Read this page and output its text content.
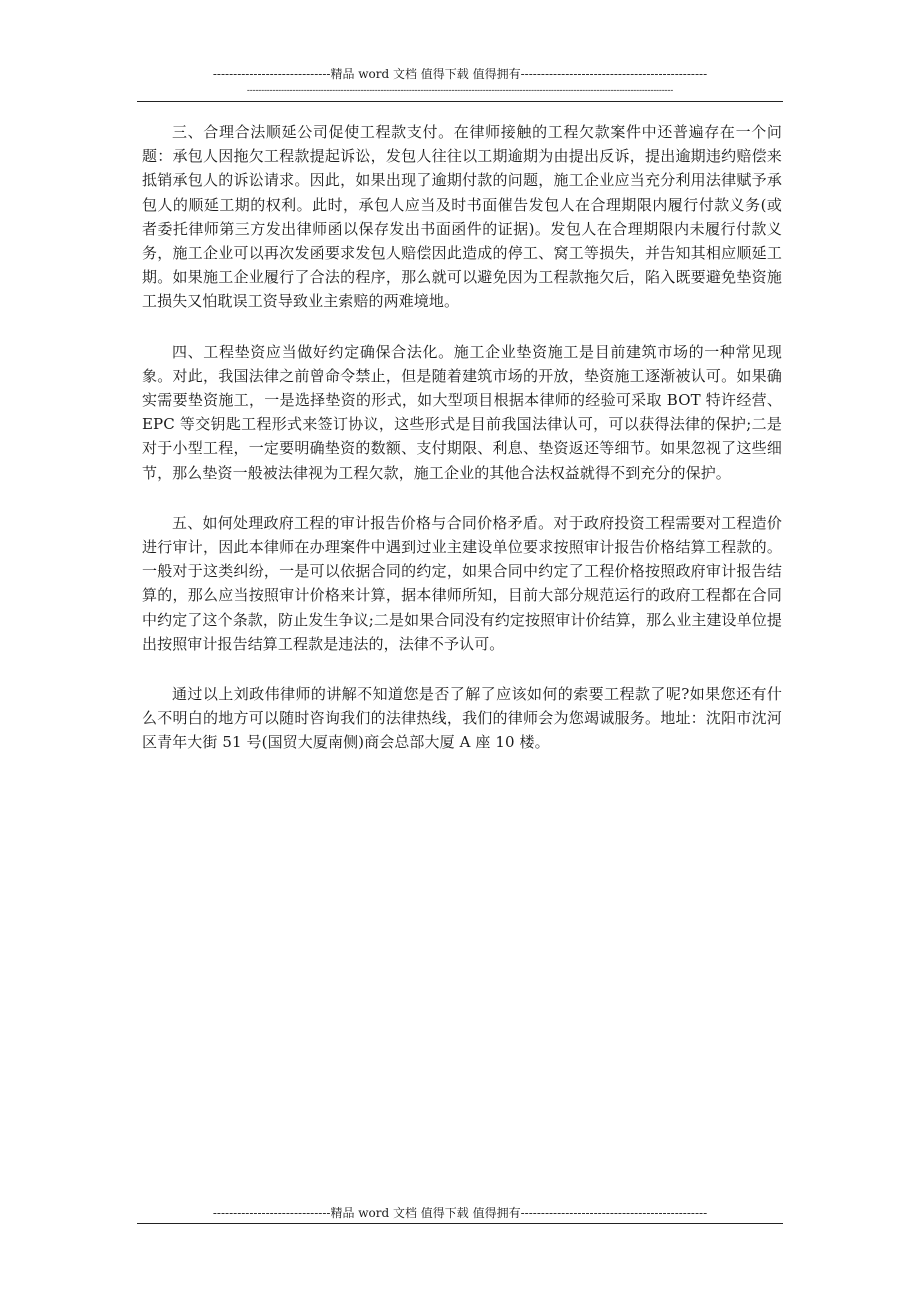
-----------------------------精品 word 文档 值得下载 值得拥有----------------------------------------------
------------------------------------------------------------------------------------------------------------------------------------------------------

三、合理合法顺延公司促使工程款支付。在律师接触的工程欠款案件中还普遍存在一个问题：承包人因拖欠工程款提起诉讼，发包人往往以工期逾期为由提出反诉，提出逾期违约赔偿来抵销承包人的诉讼请求。因此，如果出现了逾期付款的问题，施工企业应当充分利用法律赋予承包人的顺延工期的权利。此时，承包人应当及时书面催告发包人在合理期限内履行付款义务(或者委托律师第三方发出律师函以保存发出书面函件的证据)。发包人在合理期限内未履行付款义务，施工企业可以再次发函要求发包人赔偿因此造成的停工、窝工等损失，并告知其相应顺延工期。如果施工企业履行了合法的程序，那么就可以避免因为工程款拖欠后，陷入既要避免垫资施工损失又怕耽误工资导致业主索赔的两难境地。

四、工程垫资应当做好约定确保合法化。施工企业垫资施工是目前建筑市场的一种常见现象。对此，我国法律之前曾命令禁止，但是随着建筑市场的开放，垫资施工逐渐被认可。如果确实需要垫资施工，一是选择垫资的形式，如大型项目根据本律师的经验可采取 BOT 特许经营、EPC 等交钥匙工程形式来签订协议，这些形式是目前我国法律认可，可以获得法律的保护;二是对于小型工程，一定要明确垫资的数额、支付期限、利息、垫资返还等细节。如果忽视了这些细节，那么垫资一般被法律视为工程欠款，施工企业的其他合法权益就得不到充分的保护。

五、如何处理政府工程的审计报告价格与合同价格矛盾。对于政府投资工程需要对工程造价进行审计，因此本律师在办理案件中遇到过业主建设单位要求按照审计报告价格结算工程款的。一般对于这类纠纷，一是可以依据合同的约定，如果合同中约定了工程价格按照政府审计报告结算的，那么应当按照审计价格来计算，据本律师所知，目前大部分规范运行的政府工程都在合同中约定了这个条款，防止发生争议;二是如果合同没有约定按照审计价结算，那么业主建设单位提出按照审计报告结算工程款是违法的，法律不予认可。

通过以上刘政伟律师的讲解不知道您是否了解了应该如何的索要工程款了呢?如果您还有什么不明白的地方可以随时咨询我们的法律热线，我们的律师会为您竭诚服务。地址：沈阳市沈河区青年大街 51 号(国贸大厦南侧)商会总部大厦 A 座 10 楼。

-----------------------------精品 word 文档 值得下载 值得拥有----------------------------------------------
